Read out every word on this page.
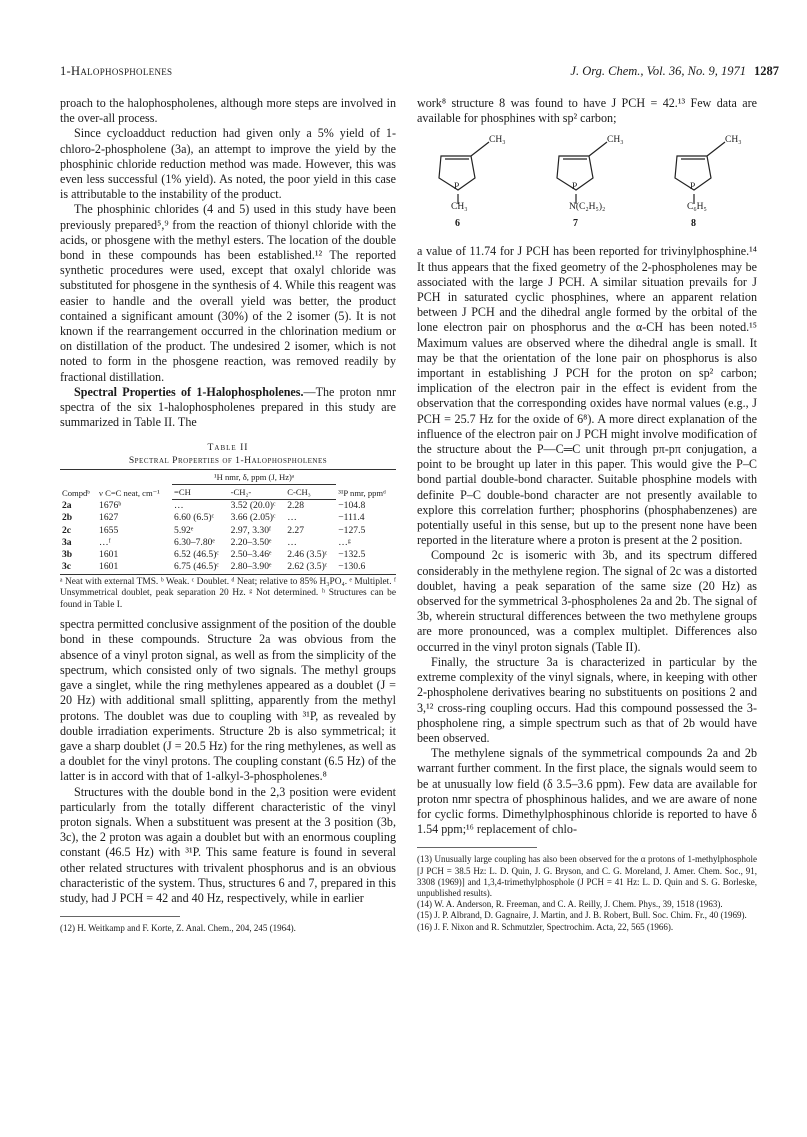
1-Halophospholenes	J. Org. Chem., Vol. 36, No. 9, 1971 1287

proach to the halophospholenes, although more steps are involved in the over-all process.

Since cycloadduct reduction had given only a 5% yield of 1-chloro-2-phospholene (3a), an attempt to improve the yield by the phosphinic chloride reduction method was made. However, this was even less successful (1% yield). As noted, the poor yield in this case is attributable to the instability of the product.

The phosphinic chlorides (4 and 5) used in this study have been previously prepared⁵,⁹ from the reaction of thionyl chloride with the acids, or phosgene with the methyl esters. The location of the double bond in these compounds has been established.¹² The reported synthetic procedures were used, except that oxalyl chloride was substituted for phosgene in the synthesis of 4. While this reagent was easier to handle and the overall yield was better, the product contained a significant amount (30%) of the 2 isomer (5). It is not known if the rearrangement occurred in the chlorination medium or on distillation of the product. The undesired 2 isomer, which is not noted to form in the phosgene reaction, was removed readily by fractional distillation.

Spectral Properties of 1-Halophospholenes.—The proton nmr spectra of the six 1-halophospholenes prepared in this study are summarized in Table II. The

Table II
Spectral Properties of 1-Halophospholenes
Compdᵇ	ν C=C neat, cm⁻¹	¹H nmr, δ, ppm (J, Hz)ᵃ			³¹P nmr, ppmᵈ
		=CH	-CH₂-	C-CH₃	
2a	1676ᵇ	…	3.52 (20.0)ᶜ	2.28	−104.8
2b	1627	6.60 (6.5)ᶜ	3.66 (2.05)ᶜ	…	−111.4
2c	1655	5.92ᵉ	2.97, 3.30ᶠ	2.27	−127.5
3a	…ᶠ	6.30–7.80ᵉ	2.20–3.50ᵉ	…	…ᵍ
3b	1601	6.52 (46.5)ᶜ	2.50–3.46ᵉ	2.46 (3.5)ᶜ	−132.5
3c	1601	6.75 (46.5)ᶜ	2.80–3.90ᵉ	2.62 (3.5)ᶜ	−130.6
ᵃ Neat with external TMS. ᵇ Weak. ᶜ Doublet. ᵈ Neat; relative to 85% H₃PO₄. ᵉ Multiplet. ᶠ Unsymmetrical doublet, peak separation 20 Hz. ᵍ Not determined. ʰ Structures can be found in Table I.

spectra permitted conclusive assignment of the position of the double bond in these compounds. Structure 2a was obvious from the absence of a vinyl proton signal, as well as from the simplicity of the spectrum, which consisted only of two signals. The methyl groups gave a singlet, while the ring methylenes appeared as a doublet (J = 20 Hz) with additional small splitting, apparently from the methyl protons. The doublet was due to coupling with ³¹P, as revealed by double irradiation experiments. Structure 2b is also symmetrical; it gave a sharp doublet (J = 20.5 Hz) for the ring methylenes, as well as a doublet for the vinyl protons. The coupling constant (6.5 Hz) of the latter is in accord with that of 1-alkyl-3-phospholenes.⁸

Structures with the double bond in the 2,3 position were evident particularly from the totally different characteristic of the vinyl proton signals. When a substituent was present at the 3 position (3b, 3c), the 2 proton was again a doublet but with an enormous coupling constant (46.5 Hz) with ³¹P. This same feature is found in several other related structures with trivalent phosphorus and is an obvious characteristic of the system. Thus, structures 6 and 7, prepared in this study, had J PCH = 42 and 40 Hz, respectively, while in earlier

(12) H. Weitkamp and F. Korte, Z. Anal. Chem., 204, 245 (1964).

work⁸ structure 8 was found to have J PCH = 42.¹³ Few data are available for phosphines with sp² carbon;

CH₃
P
CH₃
6
CH₃
P
N(C₂H₅)₂
7
CH₃
P
C₆H₅
8

a value of 11.74 for J PCH has been reported for trivinylphosphine.¹⁴ It thus appears that the fixed geometry of the 2-phospholenes may be associated with the large J PCH. A similar situation prevails for J PCH in saturated cyclic phosphines, where an apparent relation between J PCH and the dihedral angle formed by the orbital of the lone electron pair on phosphorus and the α-CH has been noted.¹⁵ Maximum values are observed where the dihedral angle is small. It may be that the orientation of the lone pair on phosphorus is also important in establishing J PCH for the proton on sp² carbon; implication of the electron pair in the effect is evident from the observation that the corresponding oxides have normal values (e.g., J PCH = 25.7 Hz for the oxide of 6⁸). A more direct explanation of the influence of the electron pair on J PCH might involve modification of the structure about the P—C═C unit through pπ-pπ conjugation, a point to be brought up later in this paper. This would give the P–C bond partial double-bond character. Suitable phosphine models with definite P–C double-bond character are not presently available to explore this correlation further; phosphorins (phosphabenzenes) are potentially useful in this sense, but up to the present none have been reported in the literature where a proton is present at the 2 position.

Compound 2c is isomeric with 3b, and its spectrum differed considerably in the methylene region. The signal of 2c was a distorted doublet, having a peak separation of the same size (20 Hz) as observed for the symmetrical 3-phospholenes 2a and 2b. The signal of 3b, wherein structural differences between the two methylene groups are more pronounced, was a complex multiplet. Differences also occurred in the vinyl proton signals (Table II).

Finally, the structure 3a is characterized in particular by the extreme complexity of the vinyl signals, where, in keeping with other 2-phospholene derivatives bearing no substituents on positions 2 and 3,¹² cross-ring coupling occurs. Had this compound possessed the 3-phospholene ring, a simple spectrum such as that of 2b would have been observed.

The methylene signals of the symmetrical compounds 2a and 2b warrant further comment. In the first place, the signals would seem to be at unusually low field (δ 3.5–3.6 ppm). Few data are available for proton nmr spectra of phosphinous halides, and we are aware of none for cyclic forms. Dimethylphosphinous chloride is reported to have δ 1.54 ppm;¹⁶ replacement of chlo-

(13) Unusually large coupling has also been observed for the α protons of 1-methylphosphole [J PCH = 38.5 Hz: L. D. Quin, J. G. Bryson, and C. G. Moreland, J. Amer. Chem. Soc., 91, 3308 (1969)] and 1,3,4-trimethylphosphole (J PCH = 41 Hz: L. D. Quin and S. G. Borleske, unpublished results).

(14) W. A. Anderson, R. Freeman, and C. A. Reilly, J. Chem. Phys., 39, 1518 (1963).

(15) J. P. Albrand, D. Gagnaire, J. Martin, and J. B. Robert, Bull. Soc. Chim. Fr., 40 (1969).

(16) J. F. Nixon and R. Schmutzler, Spectrochim. Acta, 22, 565 (1966).
